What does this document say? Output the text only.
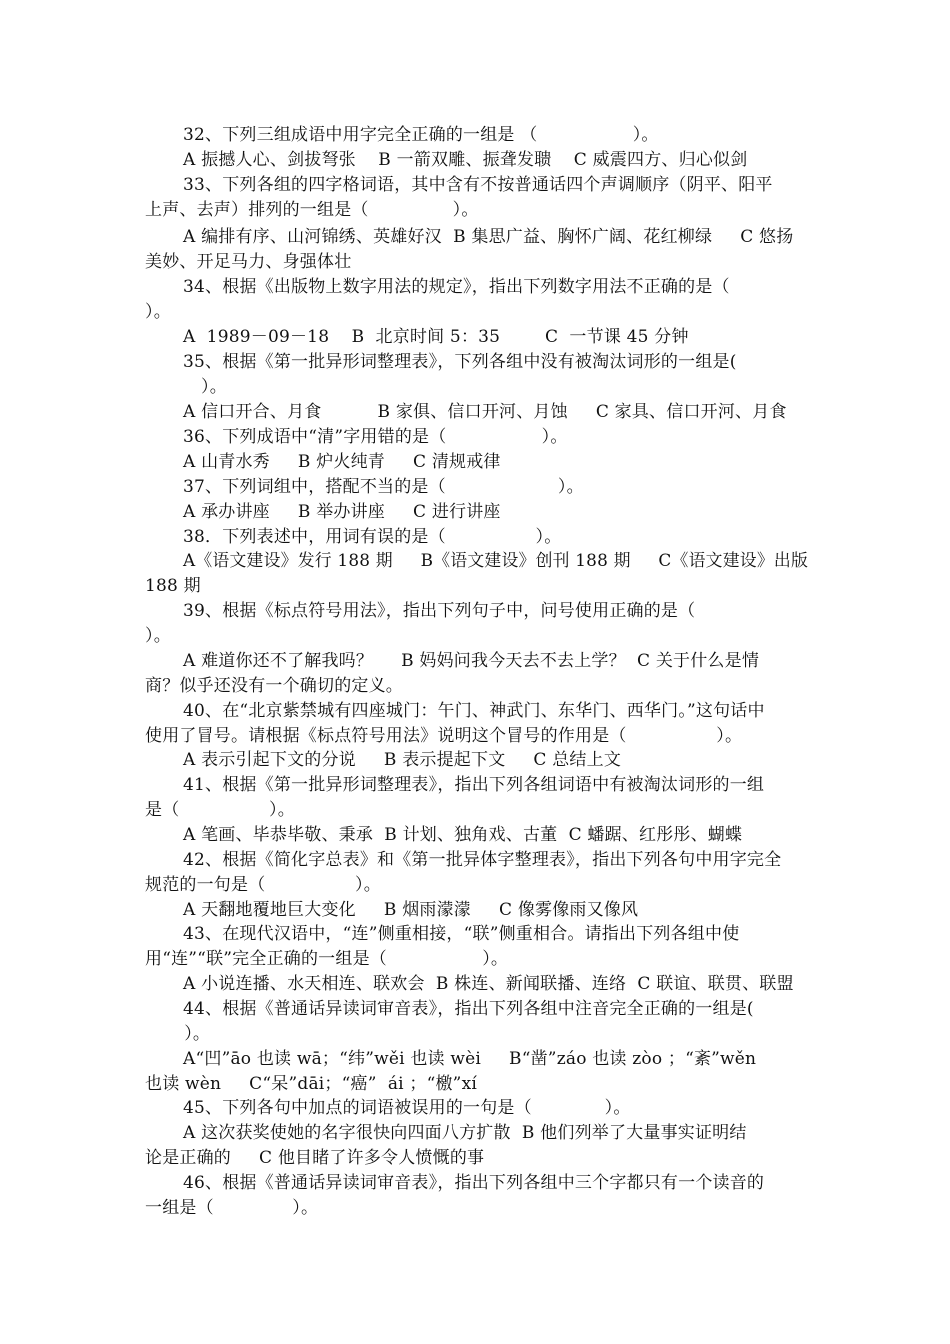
32、下列三组成语中用字完全正确的一组是 （                 ）。
A 振撼人心、剑拔弩张    B 一箭双雕、振聋发聩    C 威震四方、归心似剑
33、下列各组的四字格词语，其中含有不按普通话四个声调顺序（阴平、阳平
上声、去声）排列的一组是（               ）。
A 编排有序、山河锦绣、英雄好汉  B 集思广益、胸怀广阔、花红柳绿     C 悠扬
美妙、开足马力、身强体壮
34、根据《出版物上数字用法的规定》，指出下列数字用法不正确的是（
）。
A  1989－09－18    B  北京时间 5：35        C  一节课 45 分钟
35、根据《第一批异形词整理表》，下列各组中没有被淘汰词形的一组是(
）。
A 信口开合、月食          B 家俱、信口开河、月蚀     C 家具、信口开河、月食
36、下列成语中“清”字用错的是（                 ）。
A 山青水秀     B 炉火纯青     C 清规戒律
37、下列词组中，搭配不当的是（                    ）。
A 承办讲座     B 举办讲座     C 进行讲座
38．下列表述中，用词有误的是（                ）。
A《语文建设》发行 188 期     B《语文建设》创刊 188 期     C《语文建设》出版
188 期
39、根据《标点符号用法》，指出下列句子中，问号使用正确的是（
）。
A 难道你还不了解我吗？     B 妈妈问我今天去不去上学？  C 关于什么是情
商？似乎还没有一个确切的定义。
40、在“北京紫禁城有四座城门：午门、神武门、东华门、西华门。”这句话中
使用了冒号。请根据《标点符号用法》说明这个冒号的作用是（                ）。
A 表示引起下文的分说     B 表示提起下文     C 总结上文
41、根据《第一批异形词整理表》，指出下列各组词语中有被淘汰词形的一组
是（                ）。
A 笔画、毕恭毕敬、秉承  B 计划、独角戏、古董  C 蟠踞、红彤彤、蝴蝶
42、根据《简化字总表》和《第一批异体字整理表》，指出下列各句中用字完全
规范的一句是（                ）。
A 天翻地覆地巨大变化     B 烟雨濛濛     C 像雾像雨又像风
43、在现代汉语中，“连”侧重相接，“联”侧重相合。请指出下列各组中使
用“连”“联”完全正确的一组是（                 ）。
A 小说连播、水天相连、联欢会  B 株连、新闻联播、连络  C 联谊、联贯、联盟
44、根据《普通话异读词审音表》，指出下列各组中注音完全正确的一组是(
）。
A“凹”āo 也读 wā；“纬”wěi 也读 wèi     B“凿”záo 也读 zòo ；“紊”wěn
也读 wèn     C“呆”dāi；“癌”  ái ；“檄”xí
45、下列各句中加点的词语被误用的一句是（             ）。
A 这次获奖使她的名字很快向四面八方扩散  B 他们列举了大量事实证明结
论是正确的     C 他目睹了许多令人愤慨的事
46、根据《普通话异读词审音表》，指出下列各组中三个字都只有一个读音的
一组是（              ）。
